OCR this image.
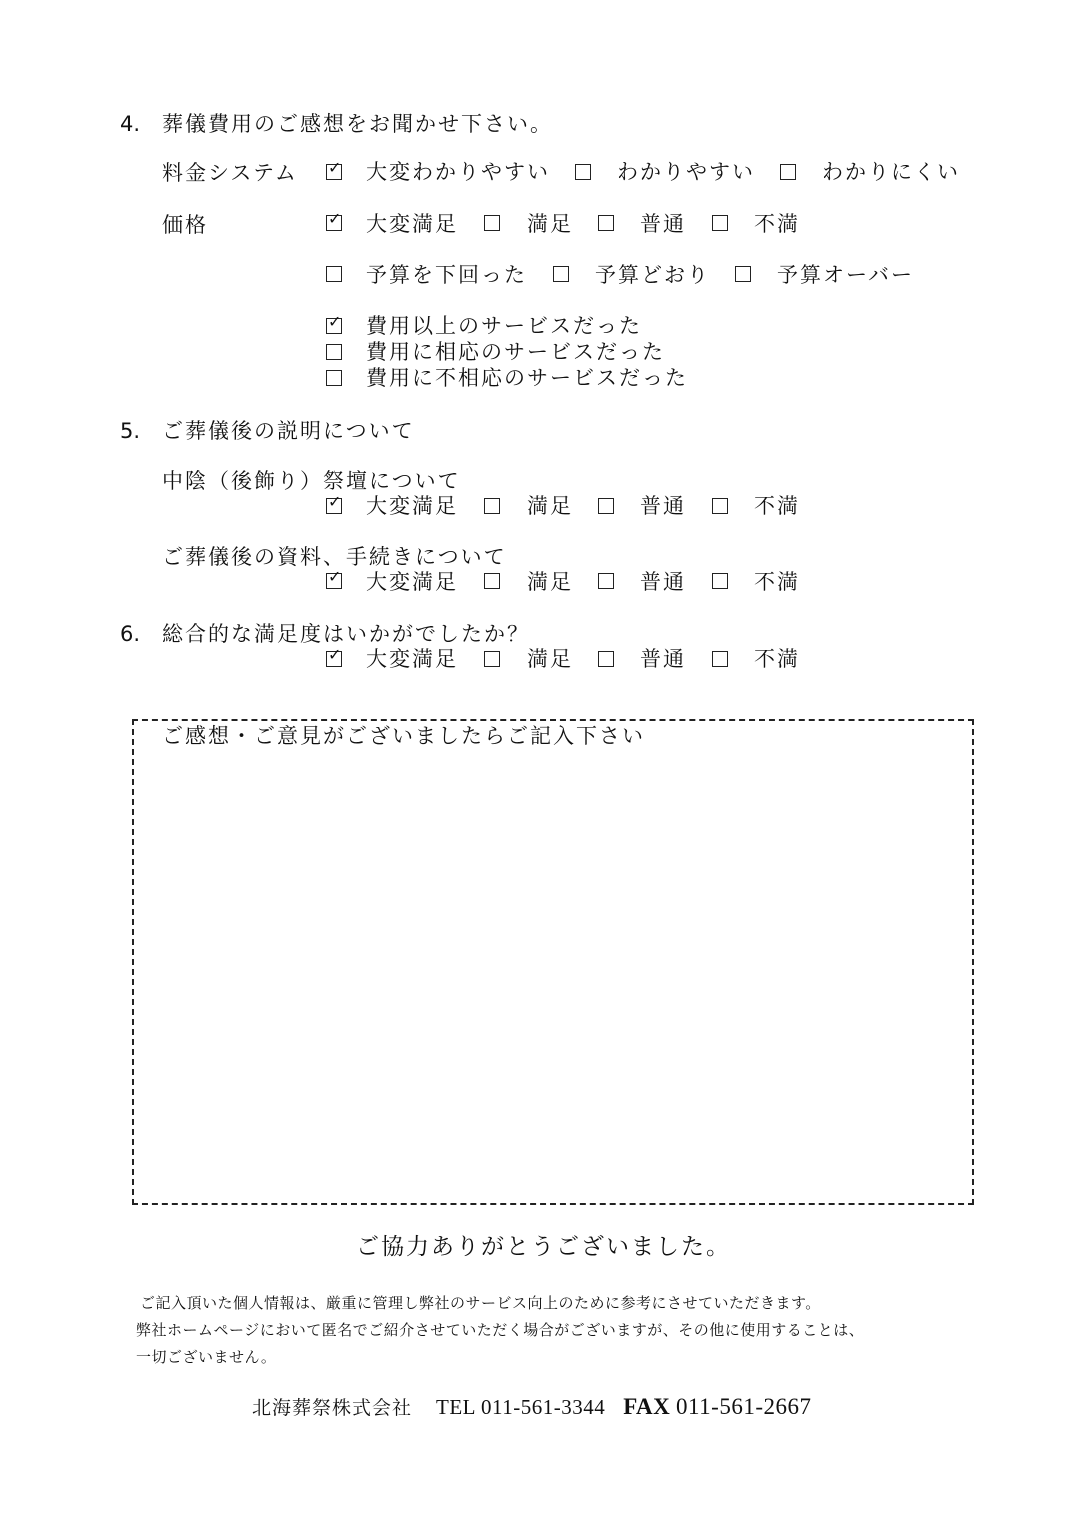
4. 葬儀費用のご感想をお聞かせ下さい。
料金システム ✓ 大変わかりやすい	わかりやすい	わかりにくい
価格	✓ 大変満足	満足	普通	不満
予算を下回った	予算どおり	予算オーバー
✓ 費用以上のサービスだった
費用に相応のサービスだった
費用に不相応のサービスだった
5. ご葬儀後の説明について
中陰（後飾り）祭壇について
✓ 大変満足	満足	普通	不満
ご葬儀後の資料、手続きについて
✓ 大変満足	満足	普通	不満
6. 総合的な満足度はいかがでしたか？
✓ 大変満足	満足	普通	不満
ご感想・ご意見がございましたらご記入下さい
ご協力ありがとうございました。
ご記入頂いた個人情報は、厳重に管理し弊社のサービス向上のために参考にさせていただきます。
弊社ホームページにおいて匿名でご紹介させていただく場合がございますが、その他に使用することは、
一切ございません。
北海葬祭株式会社 TEL 011-561-3344 FAX 011-561-2667
